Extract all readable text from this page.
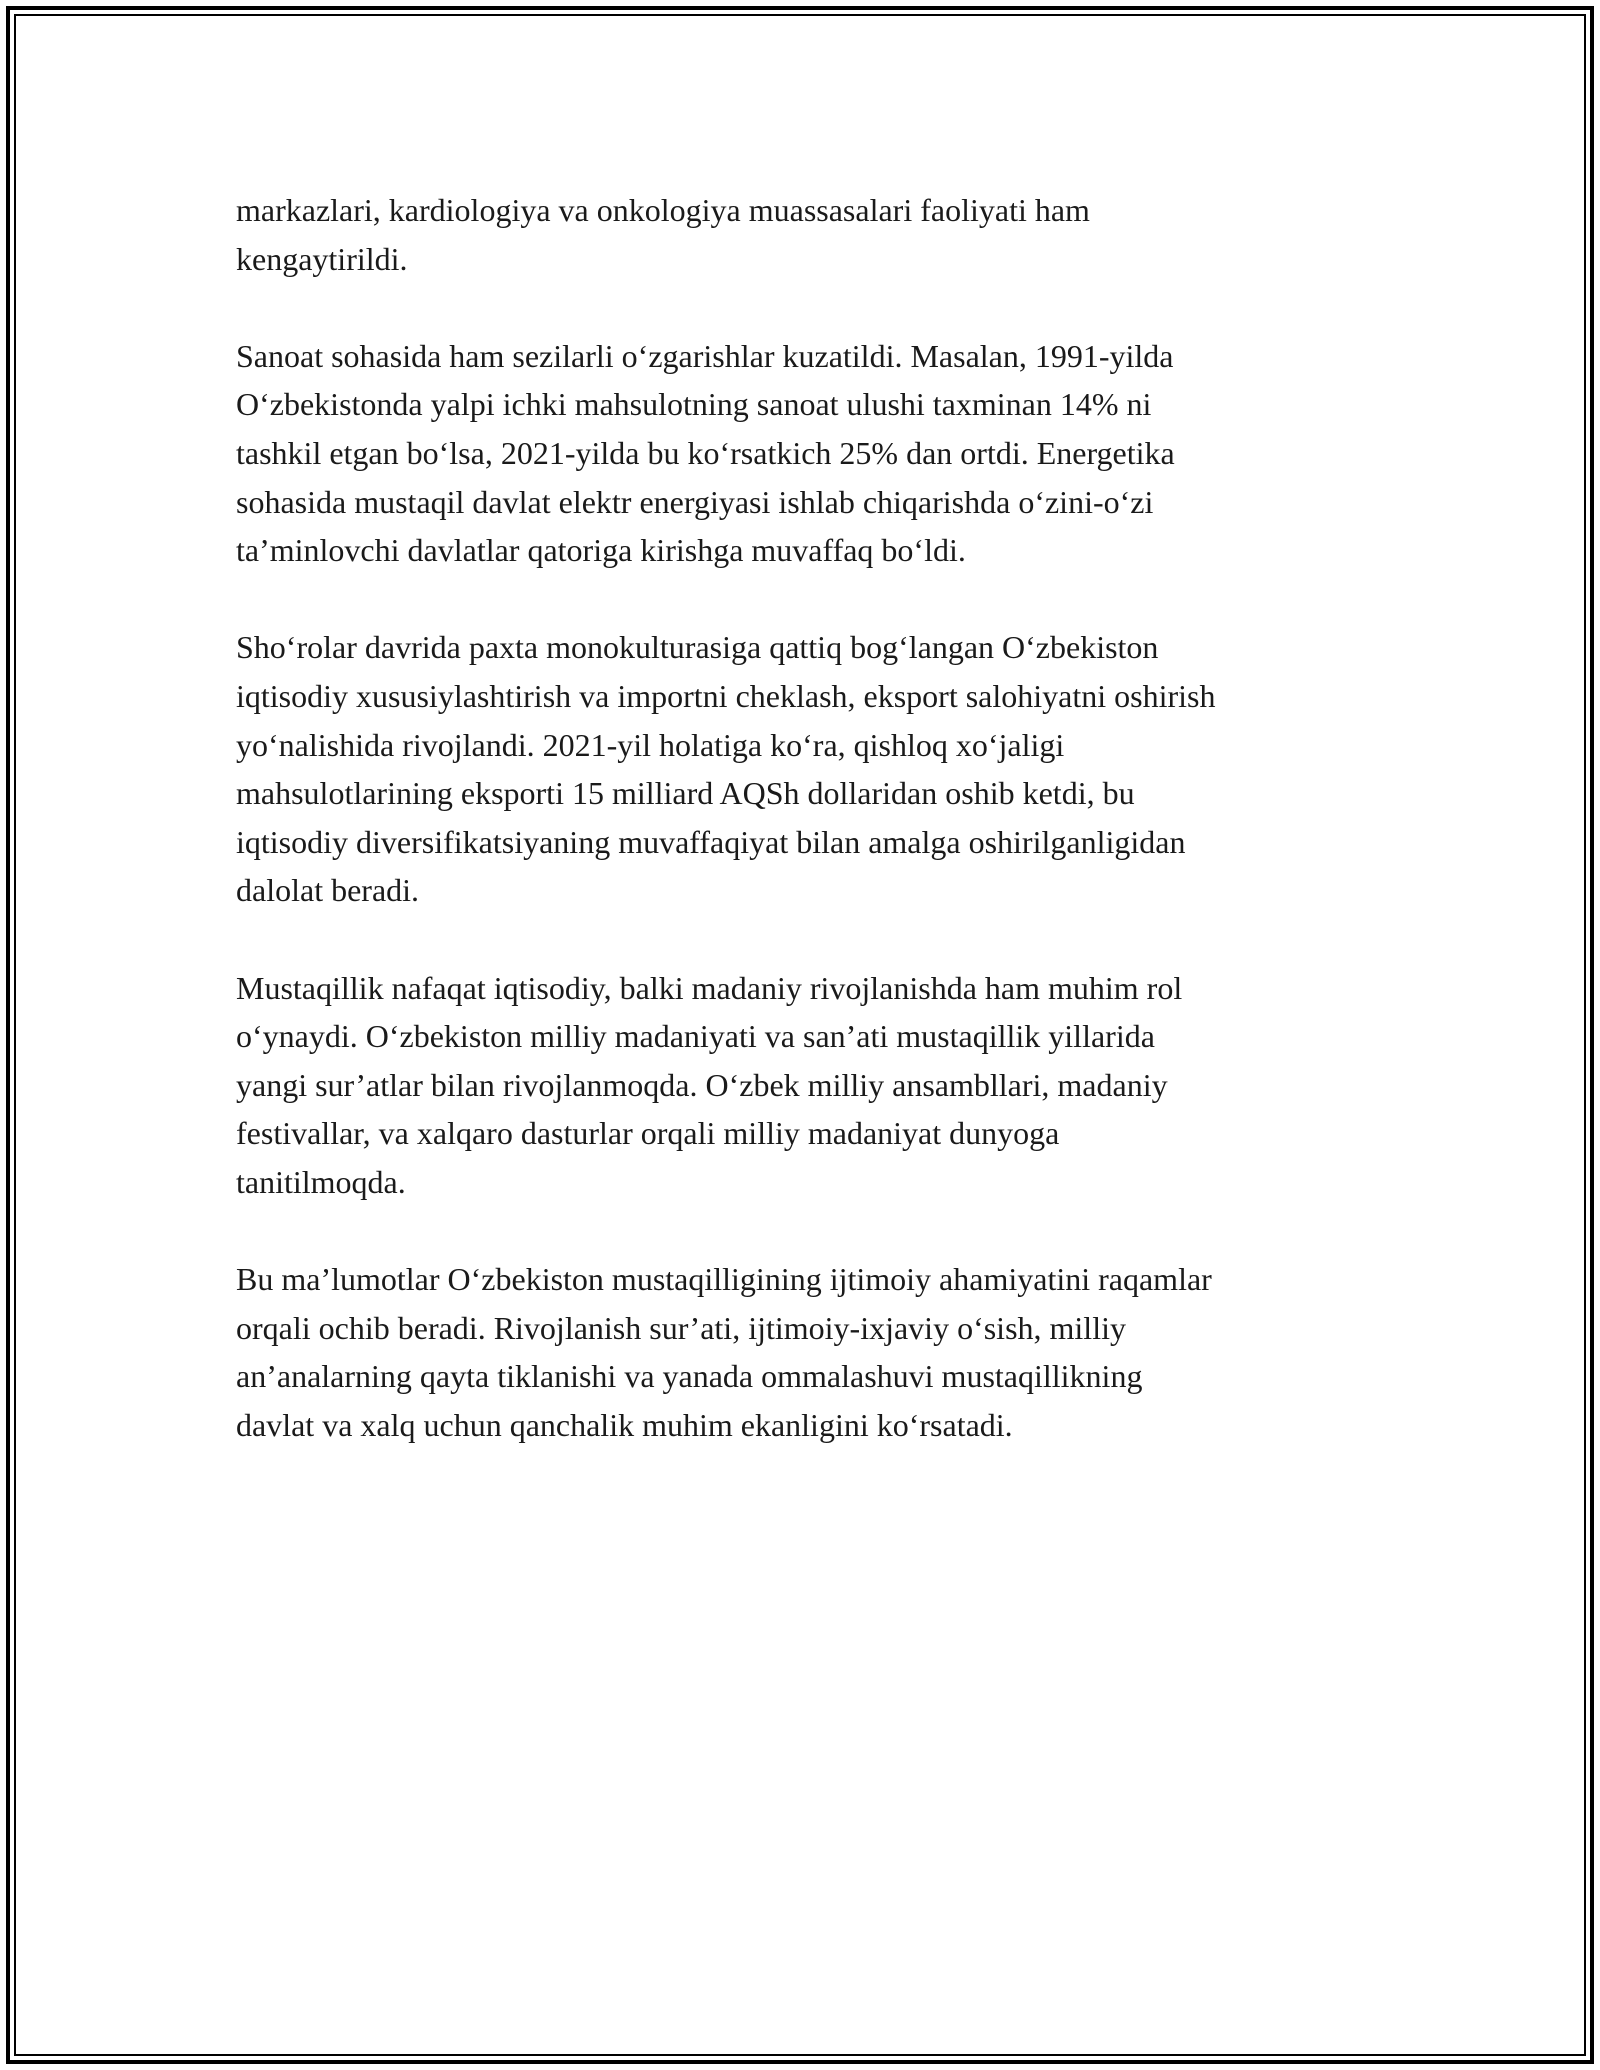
markazlari, kardiologiya va onkologiya muassasalari faoliyati ham
kengaytirildi.

Sanoat sohasida ham sezilarli o‘zgarishlar kuzatildi. Masalan, 1991-yilda
O‘zbekistonda yalpi ichki mahsulotning sanoat ulushi taxminan 14% ni
tashkil etgan bo‘lsa, 2021-yilda bu ko‘rsatkich 25% dan ortdi. Energetika
sohasida mustaqil davlat elektr energiyasi ishlab chiqarishda o‘zini-o‘zi
ta’minlovchi davlatlar qatoriga kirishga muvaffaq bo‘ldi.

Sho‘rolar davrida paxta monokulturasiga qattiq bog‘langan O‘zbekiston
iqtisodiy xususiylashtirish va importni cheklash, eksport salohiyatni oshirish
yo‘nalishida rivojlandi. 2021-yil holatiga ko‘ra, qishloq xo‘jaligi
mahsulotlarining eksporti 15 milliard AQSh dollaridan oshib ketdi, bu
iqtisodiy diversifikatsiyaning muvaffaqiyat bilan amalga oshirilganligidan
dalolat beradi.

Mustaqillik nafaqat iqtisodiy, balki madaniy rivojlanishda ham muhim rol
o‘ynaydi. O‘zbekiston milliy madaniyati va san’ati mustaqillik yillarida
yangi sur’atlar bilan rivojlanmoqda. O‘zbek milliy ansambllari, madaniy
festivallar, va xalqaro dasturlar orqali milliy madaniyat dunyoga
tanitilmoqda.

Bu ma’lumotlar O‘zbekiston mustaqilligining ijtimoiy ahamiyatini raqamlar
orqali ochib beradi. Rivojlanish sur’ati, ijtimoiy-ixjaviy o‘sish, milliy
an’analarning qayta tiklanishi va yanada ommalashuvi mustaqillikning
davlat va xalq uchun qanchalik muhim ekanligini ko‘rsatadi.
